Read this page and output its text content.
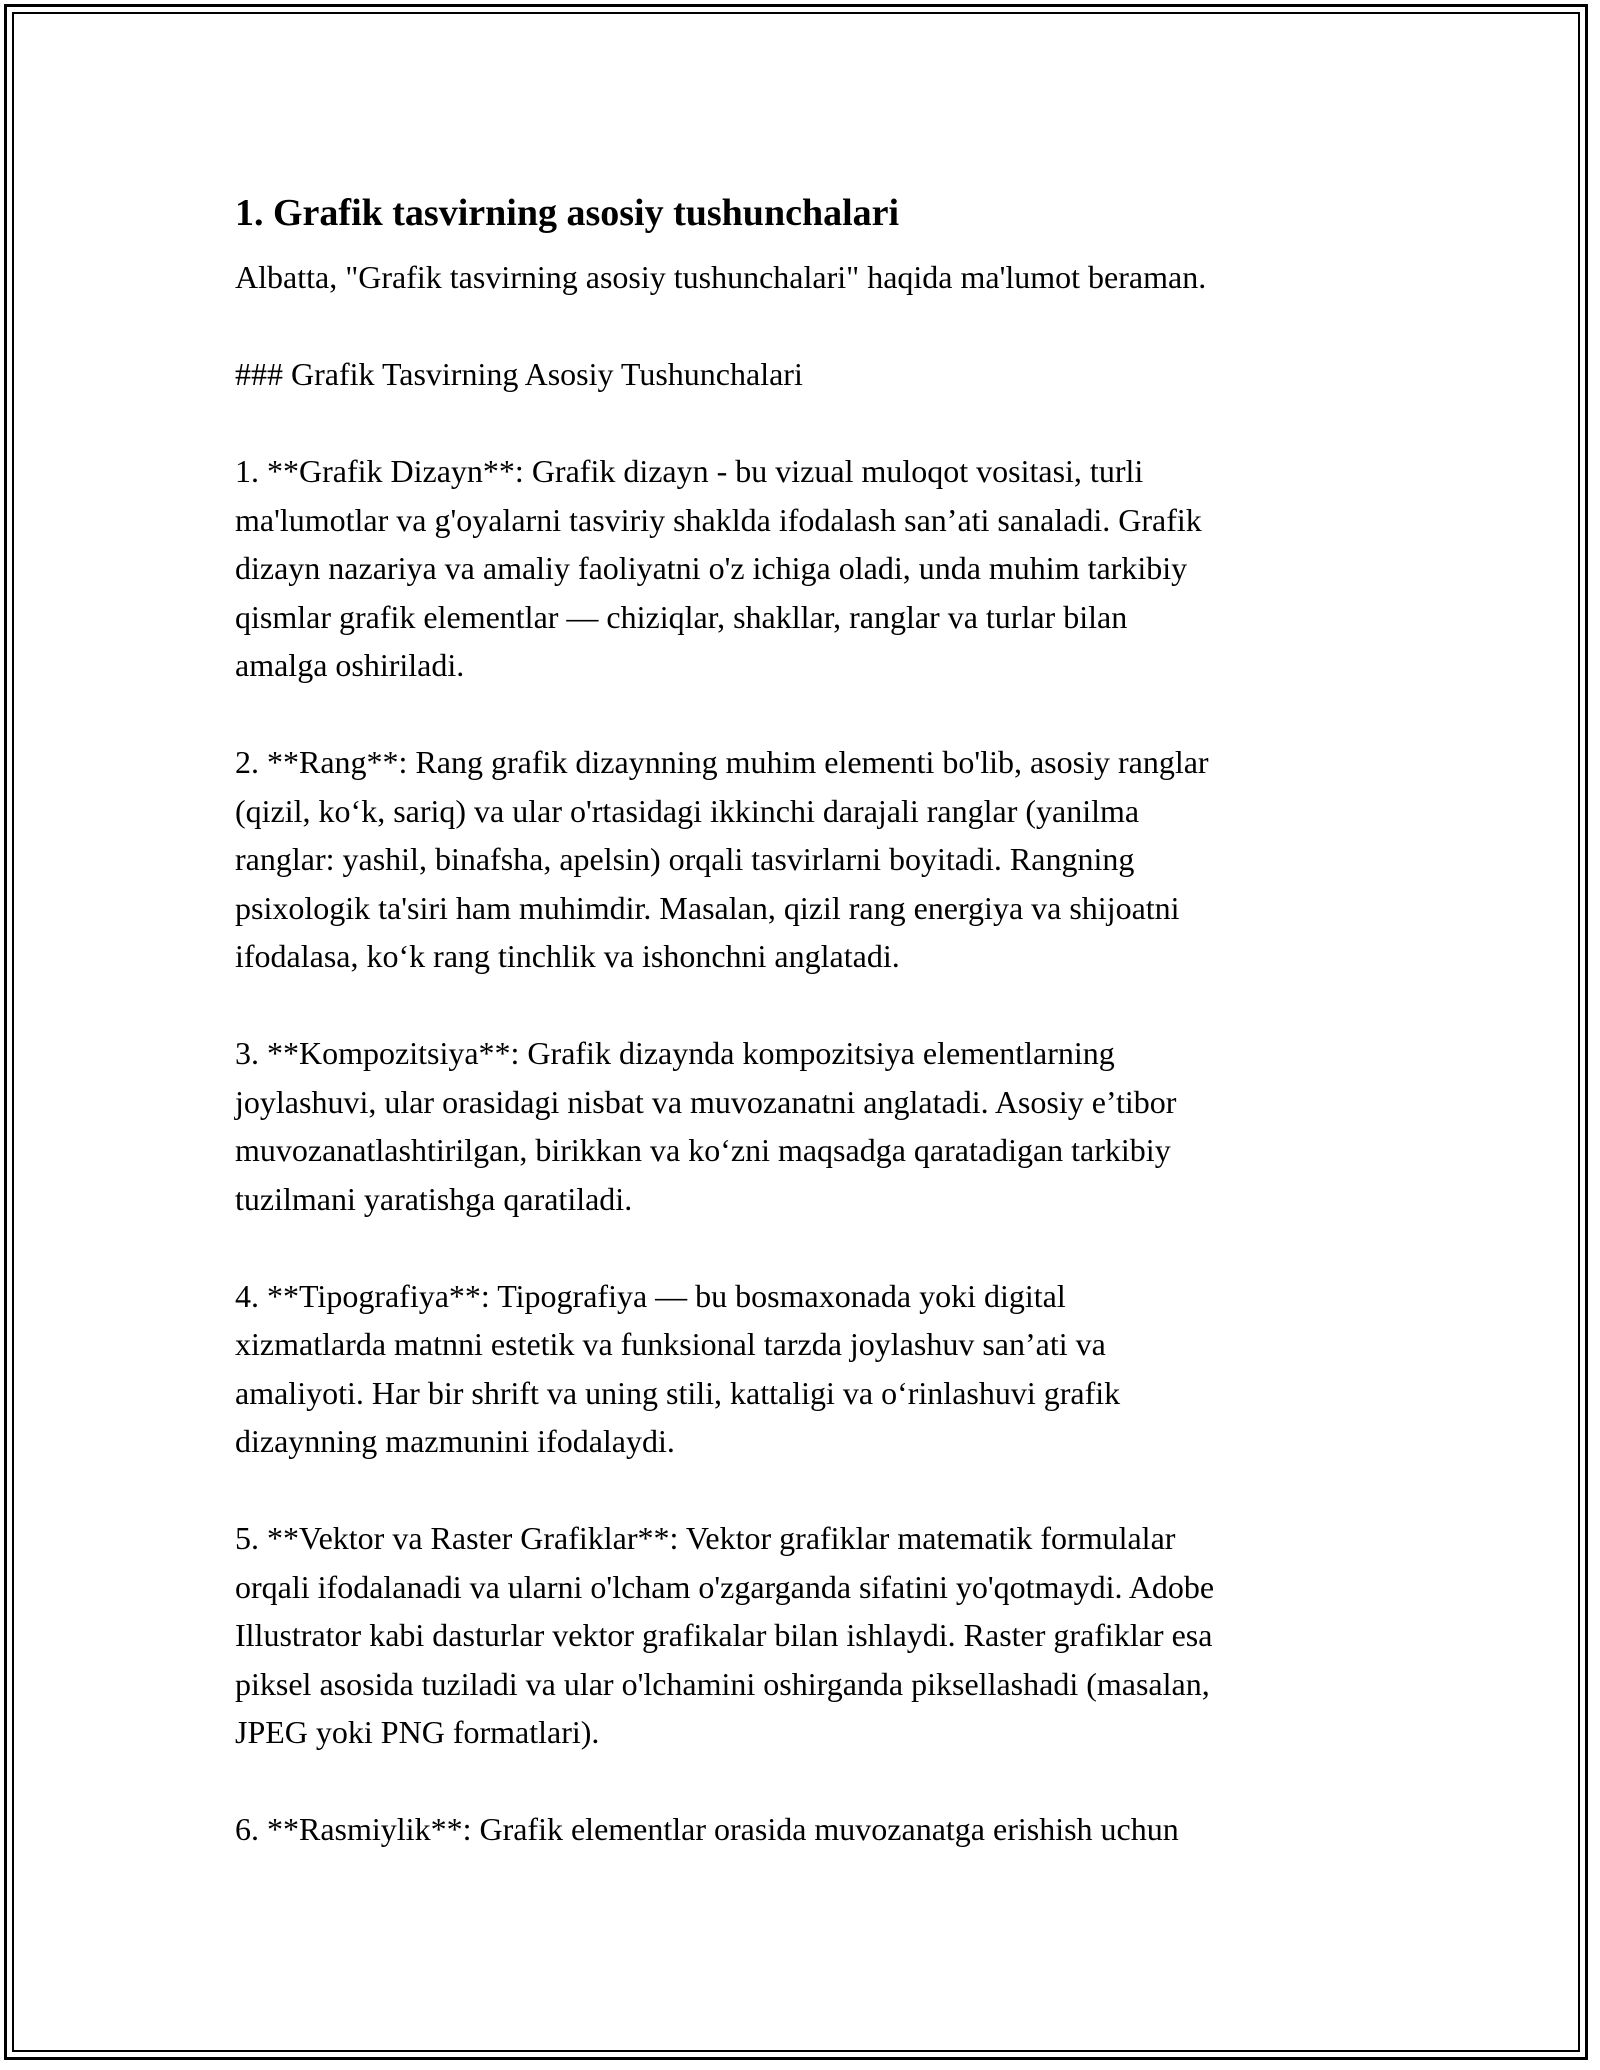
1. Grafik tasvirning asosiy tushunchalari

Albatta, "Grafik tasvirning asosiy tushunchalari" haqida ma'lumot beraman.

### Grafik Tasvirning Asosiy Tushunchalari

1. **Grafik Dizayn**: Grafik dizayn - bu vizual muloqot vositasi, turli
ma'lumotlar va g'oyalarni tasviriy shaklda ifodalash san’ati sanaladi. Grafik
dizayn nazariya va amaliy faoliyatni o'z ichiga oladi, unda muhim tarkibiy
qismlar grafik elementlar — chiziqlar, shakllar, ranglar va turlar bilan
amalga oshiriladi.

2. **Rang**: Rang grafik dizaynning muhim elementi bo'lib, asosiy ranglar
(qizil, ko‘k, sariq) va ular o'rtasidagi ikkinchi darajali ranglar (yanilma
ranglar: yashil, binafsha, apelsin) orqali tasvirlarni boyitadi. Rangning
psixologik ta'siri ham muhimdir. Masalan, qizil rang energiya va shijoatni
ifodalasa, ko‘k rang tinchlik va ishonchni anglatadi.

3. **Kompozitsiya**: Grafik dizaynda kompozitsiya elementlarning
joylashuvi, ular orasidagi nisbat va muvozanatni anglatadi. Asosiy e’tibor
muvozanatlashtirilgan, birikkan va ko‘zni maqsadga qaratadigan tarkibiy
tuzilmani yaratishga qaratiladi.

4. **Tipografiya**: Tipografiya — bu bosmaxonada yoki digital
xizmatlarda matnni estetik va funksional tarzda joylashuv san’ati va
amaliyoti. Har bir shrift va uning stili, kattaligi va o‘rinlashuvi grafik
dizaynning mazmunini ifodalaydi.

5. **Vektor va Raster Grafiklar**: Vektor grafiklar matematik formulalar
orqali ifodalanadi va ularni o'lcham o'zgarganda sifatini yo'qotmaydi. Adobe
Illustrator kabi dasturlar vektor grafikalar bilan ishlaydi. Raster grafiklar esa
piksel asosida tuziladi va ular o'lchamini oshirganda piksellashadi (masalan,
JPEG yoki PNG formatlari).

6. **Rasmiylik**: Grafik elementlar orasida muvozanatga erishish uchun
